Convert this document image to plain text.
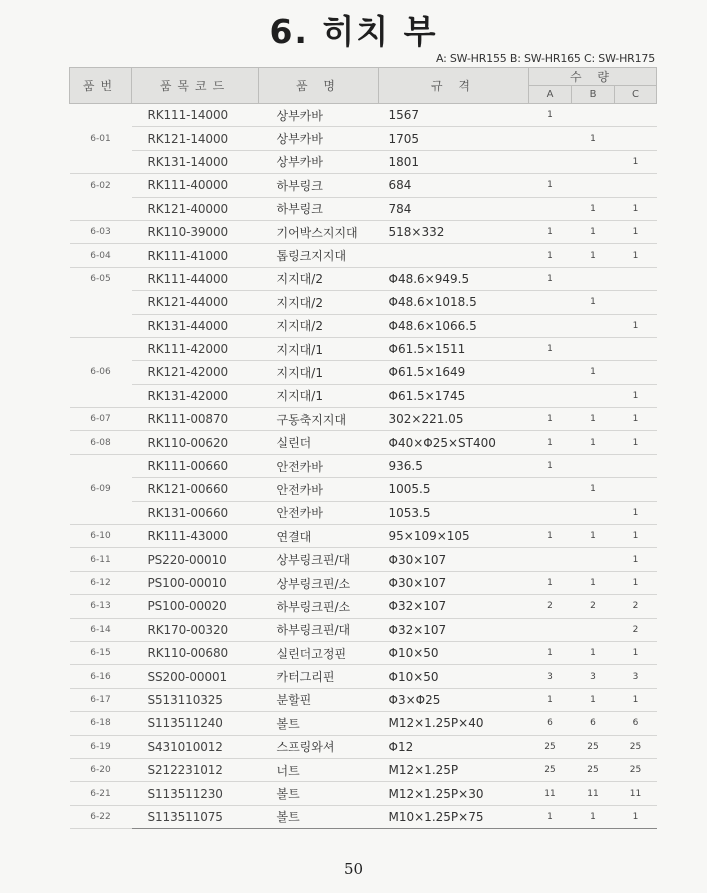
6. 히치 부
A: SW-HR155 B: SW-HR165 C: SW-HR175
품번	품목코드	품 명	규 격	수 량		
				A	B	C
	RK111-14000	상부카바	1567	1		
6-01	RK121-14000	상부카바	1705		1	
	RK131-14000	상부카바	1801			1
6-02	RK111-40000	하부링크	684	1		
	RK121-40000	하부링크	784		1	1
6-03	RK110-39000	기어박스지지대	518×332	1	1	1
6-04	RK111-41000	톱링크지지대		1	1	1
6-05	RK111-44000	지지대/2	Φ48.6×949.5	1		
	RK121-44000	지지대/2	Φ48.6×1018.5		1	
	RK131-44000	지지대/2	Φ48.6×1066.5			1
	RK111-42000	지지대/1	Φ61.5×1511	1		
6-06	RK121-42000	지지대/1	Φ61.5×1649		1	
	RK131-42000	지지대/1	Φ61.5×1745			1
6-07	RK111-00870	구동축지지대	302×221.05	1	1	1
6-08	RK110-00620	실린더	Φ40×Φ25×ST400	1	1	1
	RK111-00660	안전카바	936.5	1		
6-09	RK121-00660	안전카바	1005.5		1	
	RK131-00660	안전카바	1053.5			1
6-10	RK111-43000	연결대	95×109×105	1	1	1
6-11	PS220-00010	상부링크핀/대	Φ30×107			1
6-12	PS100-00010	상부링크핀/소	Φ30×107	1	1	1
6-13	PS100-00020	하부링크핀/소	Φ32×107	2	2	2
6-14	RK170-00320	하부링크핀/대	Φ32×107			2
6-15	RK110-00680	실린더고정핀	Φ10×50	1	1	1
6-16	SS200-00001	카터그리핀	Φ10×50	3	3	3
6-17	S513110325	분할핀	Φ3×Φ25	1	1	1
6-18	S113511240	볼트	M12×1.25P×40	6	6	6
6-19	S431010012	스프링와셔	Φ12	25	25	25
6-20	S212231012	너트	M12×1.25P	25	25	25
6-21	S113511230	볼트	M12×1.25P×30	11	11	11
6-22	S113511075	볼트	M10×1.25P×75	1	1	1
50
